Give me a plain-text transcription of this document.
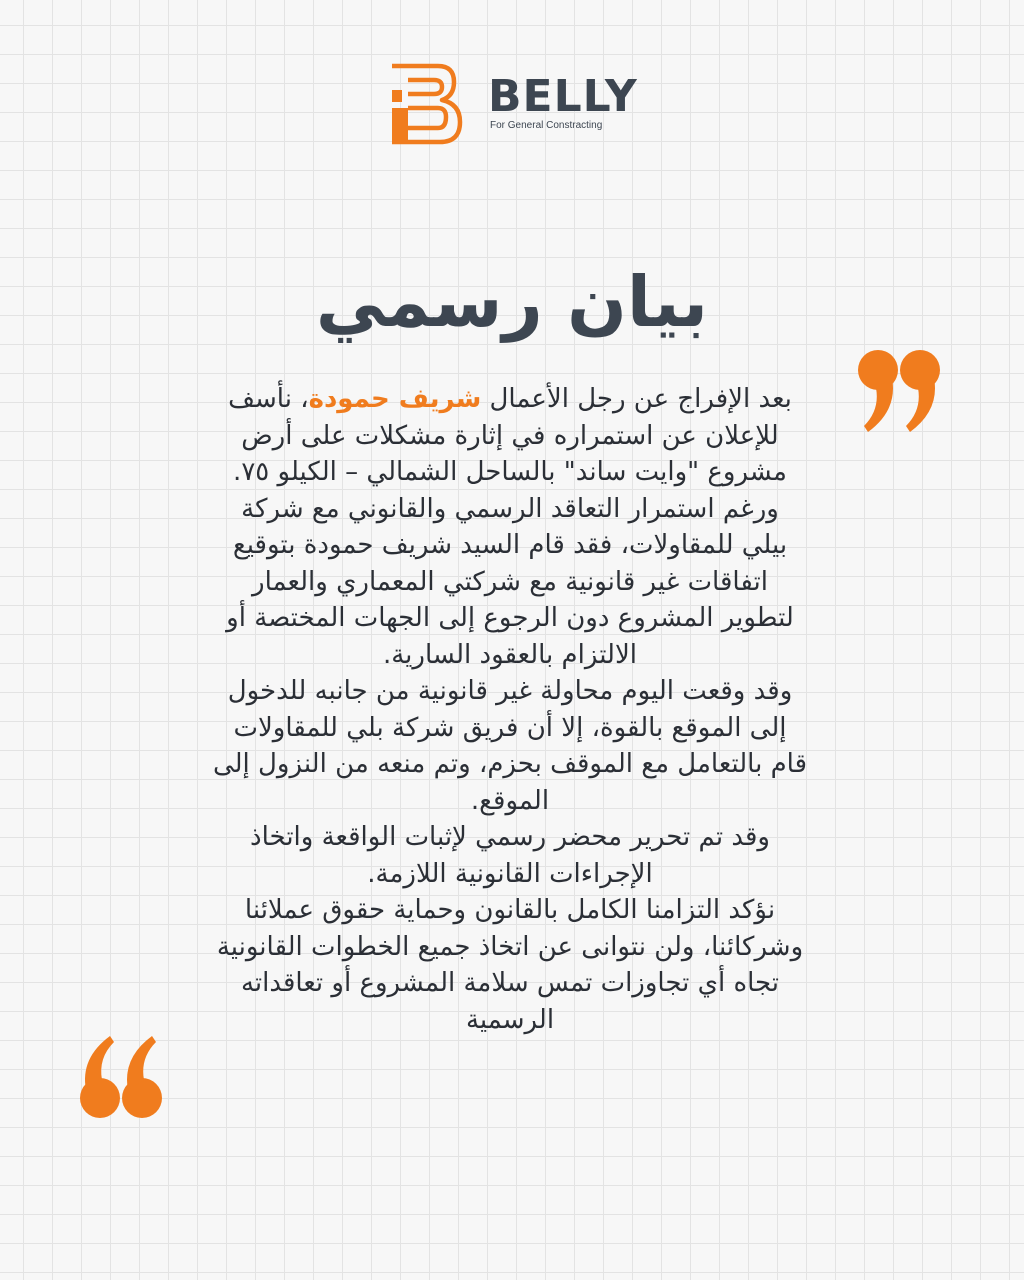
BELLY
For General Constracting
بيان رسمي
بعد الإفراج عن رجل الأعمال شريف حمودة، نأسف
للإعلان عن استمراره في إثارة مشكلات على أرض
مشروع "وايت ساند" بالساحل الشمالي – الكيلو ٧٥.
ورغم استمرار التعاقد الرسمي والقانوني مع شركة
بيلي للمقاولات، فقد قام السيد شريف حمودة بتوقيع
اتفاقات غير قانونية مع شركتي المعماري والعمار
لتطوير المشروع دون الرجوع إلى الجهات المختصة أو
الالتزام بالعقود السارية.
وقد وقعت اليوم محاولة غير قانونية من جانبه للدخول
إلى الموقع بالقوة، إلا أن فريق شركة بلي للمقاولات
قام بالتعامل مع الموقف بحزم، وتم منعه من النزول إلى
الموقع.
وقد تم تحرير محضر رسمي لإثبات الواقعة واتخاذ
الإجراءات القانونية اللازمة.
نؤكد التزامنا الكامل بالقانون وحماية حقوق عملائنا
وشركائنا، ولن نتوانى عن اتخاذ جميع الخطوات القانونية
تجاه أي تجاوزات تمس سلامة المشروع أو تعاقداته
الرسمية
